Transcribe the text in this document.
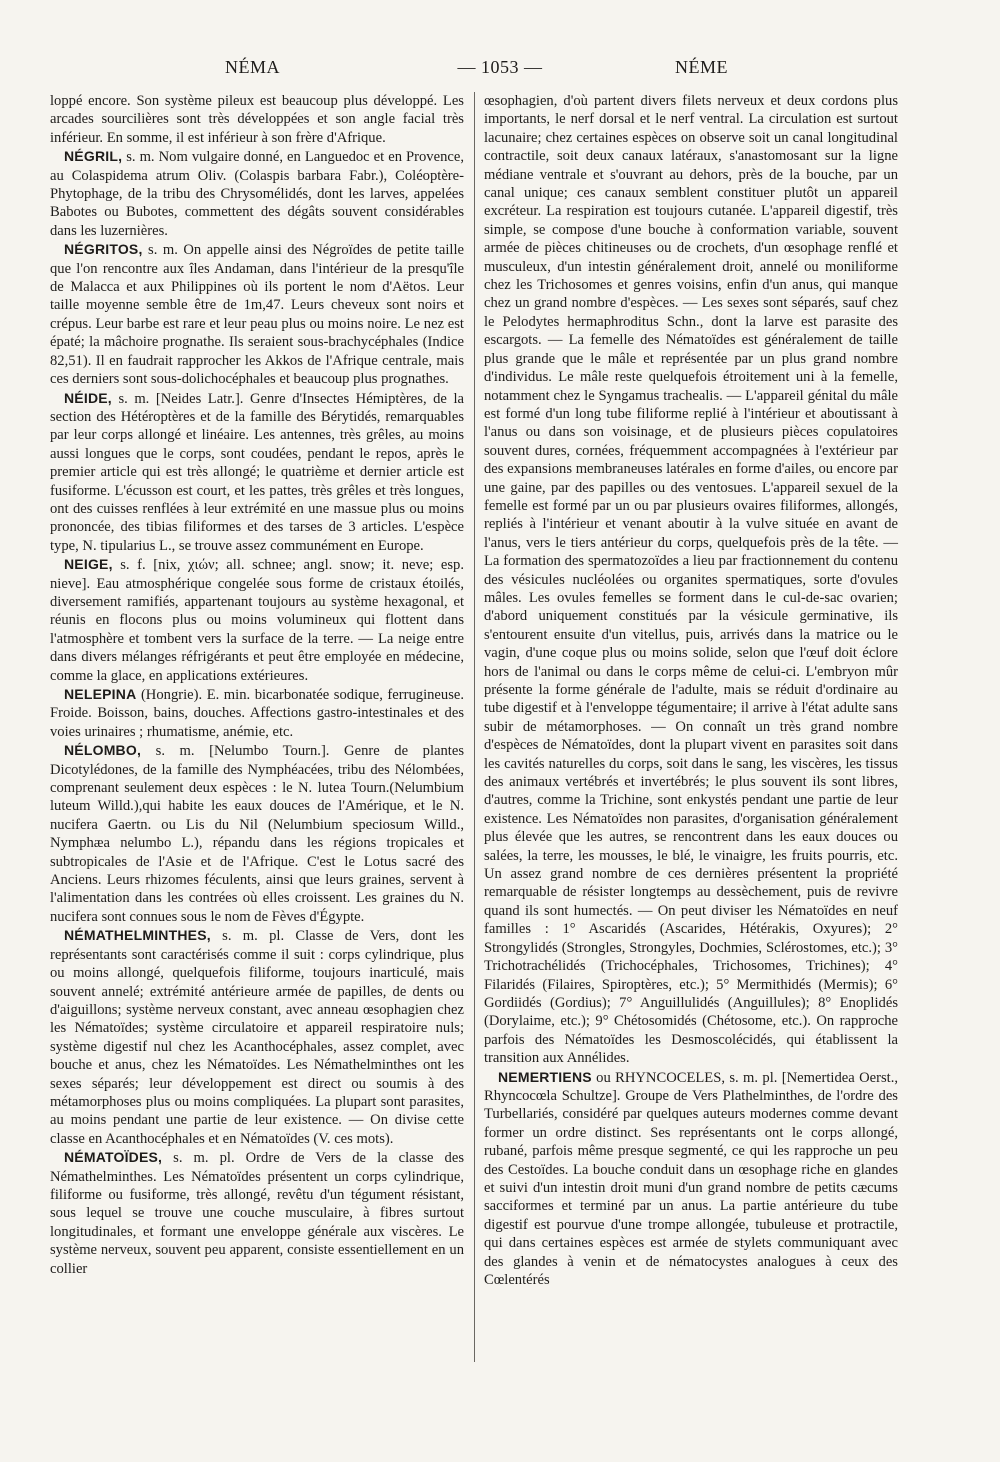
— 1053 —
NÉMA	NÉME

loppé encore. Son système pileux est beaucoup plus développé. Les arcades sourcilières sont très développées et son angle facial très inférieur. En somme, il est inférieur à son frère d'Afrique.

NÉGRIL, s. m. Nom vulgaire donné, en Languedoc et en Provence, au Colaspidema atrum Oliv. (Colaspis barbara Fabr.), Coléoptère-Phytophage, de la tribu des Chrysomélidés, dont les larves, appelées Babotes ou Bubotes, commettent des dégâts souvent considérables dans les luzernières.

NÉGRITOS, s. m. On appelle ainsi des Négroïdes de petite taille que l'on rencontre aux îles Andaman, dans l'intérieur de la presqu'île de Malacca et aux Philippines où ils portent le nom d'Aëtos. Leur taille moyenne semble être de 1m,47. Leurs cheveux sont noirs et crépus. Leur barbe est rare et leur peau plus ou moins noire. Le nez est épaté; la mâchoire prognathe. Ils seraient sous-brachycéphales (Indice 82,51). Il en faudrait rapprocher les Akkos de l'Afrique centrale, mais ces derniers sont sous-dolichocéphales et beaucoup plus prognathes.

NÉIDE, s. m. [Neides Latr.]. Genre d'Insectes Hémiptères, de la section des Hétéroptères et de la famille des Bérytidés, remarquables par leur corps allongé et linéaire. Les antennes, très grêles, au moins aussi longues que le corps, sont coudées, pendant le repos, après le premier article qui est très allongé; le quatrième et dernier article est fusiforme. L'écusson est court, et les pattes, très grêles et très longues, ont des cuisses renflées à leur extrémité en une massue plus ou moins prononcée, des tibias filiformes et des tarses de 3 articles. L'espèce type, N. tipularius L., se trouve assez communément en Europe.

NEIGE, s. f. [nix, χιών; all. schnee; angl. snow; it. neve; esp. nieve]. Eau atmosphérique congelée sous forme de cristaux étoilés, diversement ramifiés, appartenant toujours au système hexagonal, et réunis en flocons plus ou moins volumineux qui flottent dans l'atmosphère et tombent vers la surface de la terre. — La neige entre dans divers mélanges réfrigérants et peut être employée en médecine, comme la glace, en applications extérieures.

NELEPINA (Hongrie). E. min. bicarbonatée sodique, ferrugineuse. Froide. Boisson, bains, douches. Affections gastro-intestinales et des voies urinaires ; rhumatisme, anémie, etc.

NÉLOMBO, s. m. [Nelumbo Tourn.]. Genre de plantes Dicotylédones, de la famille des Nymphéacées, tribu des Nélombées, comprenant seulement deux espèces : le N. lutea Tourn.(Nelumbium luteum Willd.),qui habite les eaux douces de l'Amérique, et le N. nucifera Gaertn. ou Lis du Nil (Nelumbium speciosum Willd., Nymphæa nelumbo L.), répandu dans les régions tropicales et subtropicales de l'Asie et de l'Afrique. C'est le Lotus sacré des Anciens. Leurs rhizomes féculents, ainsi que leurs graines, servent à l'alimentation dans les contrées où elles croissent. Les graines du N. nucifera sont connues sous le nom de Fèves d'Égypte.

NÉMATHELMINTHES, s. m. pl. Classe de Vers, dont les représentants sont caractérisés comme il suit : corps cylindrique, plus ou moins allongé, quelquefois filiforme, toujours inarticulé, mais souvent annelé; extrémité antérieure armée de papilles, de dents ou d'aiguillons; système nerveux constant, avec anneau œsophagien chez les Nématoïdes; système circulatoire et appareil respiratoire nuls; système digestif nul chez les Acanthocéphales, assez complet, avec bouche et anus, chez les Nématoïdes. Les Némathelminthes ont les sexes séparés; leur développement est direct ou soumis à des métamorphoses plus ou moins compliquées. La plupart sont parasites, au moins pendant une partie de leur existence. — On divise cette classe en Acanthocéphales et en Nématoïdes (V. ces mots).

NÉMATOÏDES, s. m. pl. Ordre de Vers de la classe des Némathelminthes. Les Nématoïdes présentent un corps cylindrique, filiforme ou fusiforme, très allongé, revêtu d'un tégument résistant, sous lequel se trouve une couche musculaire, à fibres surtout longitudinales, et formant une enveloppe générale aux viscères. Le système nerveux, souvent peu apparent, consiste essentiellement en un collier

œsophagien, d'où partent divers filets nerveux et deux cordons plus importants, le nerf dorsal et le nerf ventral. La circulation est surtout lacunaire; chez certaines espèces on observe soit un canal longitudinal contractile, soit deux canaux latéraux, s'anastomosant sur la ligne médiane ventrale et s'ouvrant au dehors, près de la bouche, par un canal unique; ces canaux semblent constituer plutôt un appareil excréteur. La respiration est toujours cutanée. L'appareil digestif, très simple, se compose d'une bouche à conformation variable, souvent armée de pièces chitineuses ou de crochets, d'un œsophage renflé et musculeux, d'un intestin généralement droit, annelé ou moniliforme chez les Trichosomes et genres voisins, enfin d'un anus, qui manque chez un grand nombre d'espèces. — Les sexes sont séparés, sauf chez le Pelodytes hermaphroditus Schn., dont la larve est parasite des escargots. — La femelle des Nématoïdes est généralement de taille plus grande que le mâle et représentée par un plus grand nombre d'individus. Le mâle reste quelquefois étroitement uni à la femelle, notamment chez le Syngamus trachealis. — L'appareil génital du mâle est formé d'un long tube filiforme replié à l'intérieur et aboutissant à l'anus ou dans son voisinage, et de plusieurs pièces copulatoires souvent dures, cornées, fréquemment accompagnées à l'extérieur par des expansions membraneuses latérales en forme d'ailes, ou encore par une gaine, par des papilles ou des ventosues. L'appareil sexuel de la femelle est formé par un ou par plusieurs ovaires filiformes, allongés, repliés à l'intérieur et venant aboutir à la vulve située en avant de l'anus, vers le tiers antérieur du corps, quelquefois près de la tête. — La formation des spermatozoïdes a lieu par fractionnement du contenu des vésicules nucléolées ou organites spermatiques, sorte d'ovules mâles. Les ovules femelles se forment dans le cul-de-sac ovarien; d'abord uniquement constitués par la vésicule germinative, ils s'entourent ensuite d'un vitellus, puis, arrivés dans la matrice ou le vagin, d'une coque plus ou moins solide, selon que l'œuf doit éclore hors de l'animal ou dans le corps même de celui-ci. L'embryon mûr présente la forme générale de l'adulte, mais se réduit d'ordinaire au tube digestif et à l'enveloppe tégumentaire; il arrive à l'état adulte sans subir de métamorphoses. — On connaît un très grand nombre d'espèces de Nématoïdes, dont la plupart vivent en parasites soit dans les cavités naturelles du corps, soit dans le sang, les viscères, les tissus des animaux vertébrés et invertébrés; le plus souvent ils sont libres, d'autres, comme la Trichine, sont enkystés pendant une partie de leur existence. Les Nématoïdes non parasites, d'organisation généralement plus élevée que les autres, se rencontrent dans les eaux douces ou salées, la terre, les mousses, le blé, le vinaigre, les fruits pourris, etc. Un assez grand nombre de ces dernières présentent la propriété remarquable de résister longtemps au dessèchement, puis de revivre quand ils sont humectés. — On peut diviser les Nématoïdes en neuf familles : 1° Ascaridés (Ascarides, Hétérakis, Oxyures); 2° Strongylidés (Strongles, Strongyles, Dochmies, Sclérostomes, etc.); 3° Trichotrachélidés (Trichocéphales, Trichosomes, Trichines); 4° Filaridés (Filaires, Spiroptères, etc.); 5° Mermithidés (Mermis); 6° Gordiidés (Gordius); 7° Anguillulidés (Anguillules); 8° Enoplidés (Dorylaime, etc.); 9° Chétosomidés (Chétosome, etc.). On rapproche parfois des Nématoïdes les Desmoscolécidés, qui établissent la transition aux Annélides.

NEMERTIENS ou RHYNCOCELES, s. m. pl. [Nemertidea Oerst., Rhyncocœla Schultze]. Groupe de Vers Plathelminthes, de l'ordre des Turbellariés, considéré par quelques auteurs modernes comme devant former un ordre distinct. Ses représentants ont le corps allongé, rubané, parfois même presque segmenté, ce qui les rapproche un peu des Cestoïdes. La bouche conduit dans un œsophage riche en glandes et suivi d'un intestin droit muni d'un grand nombre de petits cæcums sacciformes et terminé par un anus. La partie antérieure du tube digestif est pourvue d'une trompe allongée, tubuleuse et protractile, qui dans certaines espèces est armée de stylets communiquant avec des glandes à venin et de nématocystes analogues à ceux des Cœlentérés
